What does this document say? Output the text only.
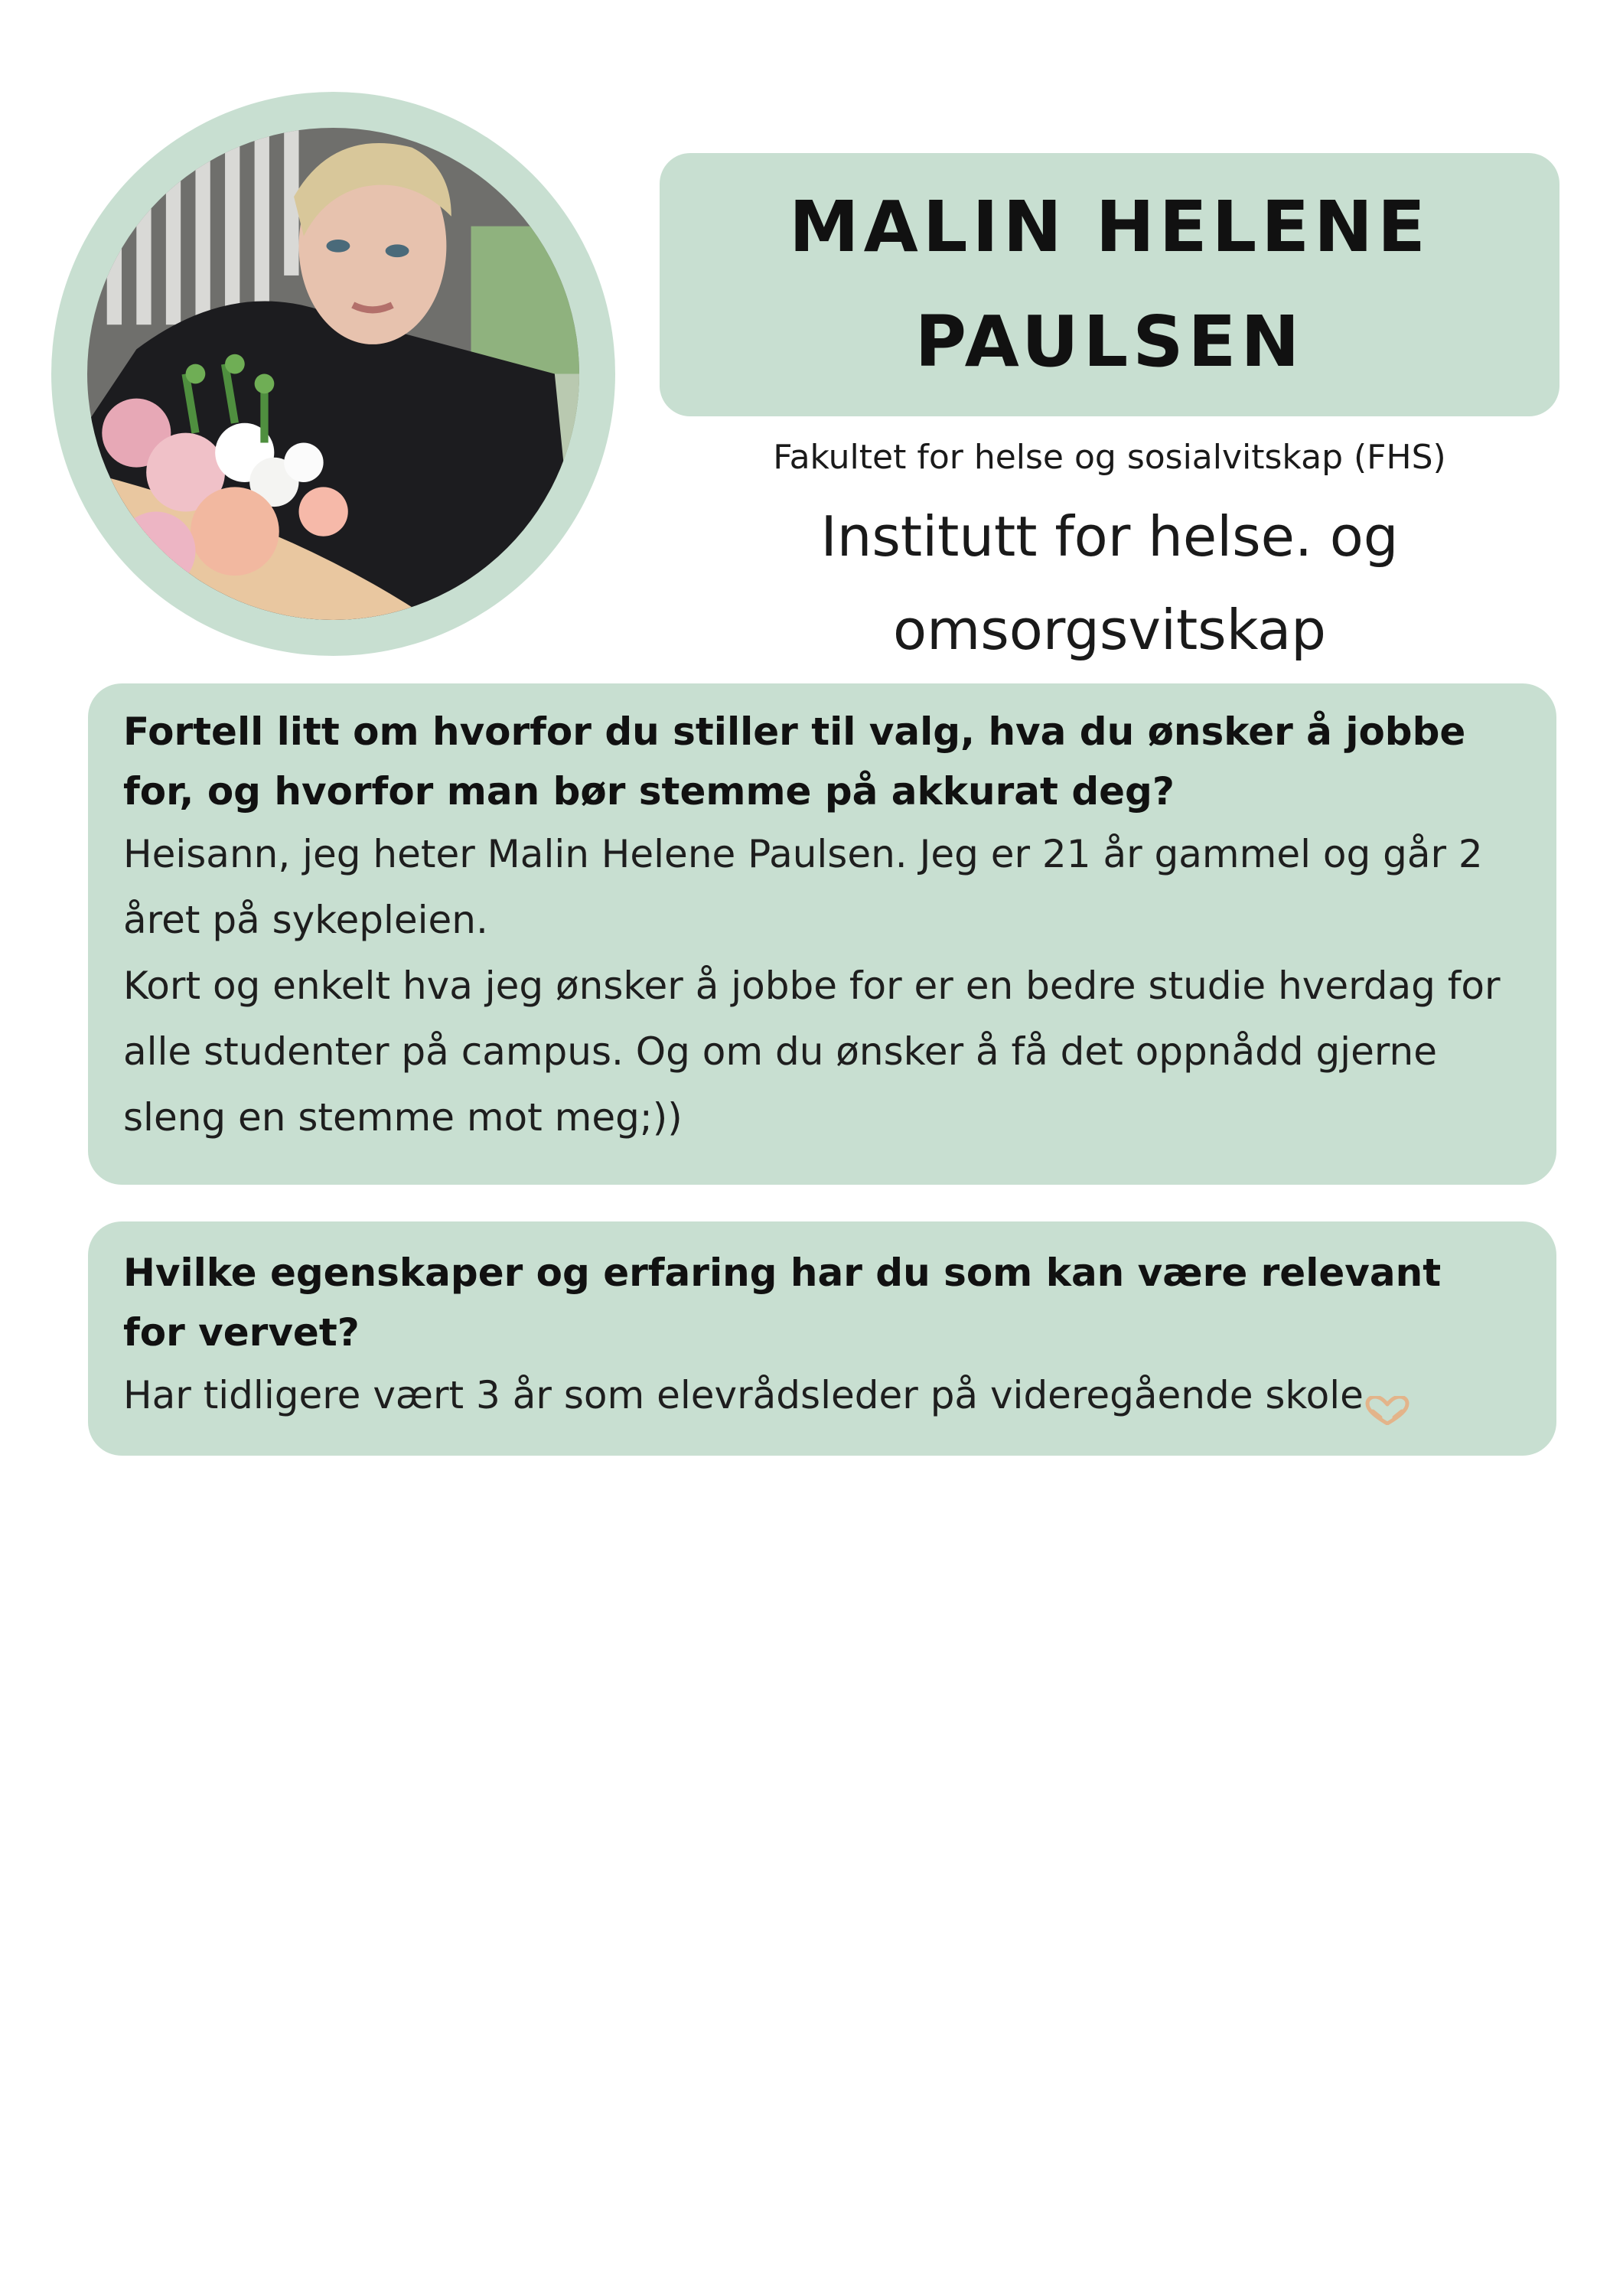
MALIN HELENE
PAULSEN
Fakultet for helse og sosialvitskap (FHS)
Institutt for helse. og
omsorgsvitskap

Fortell litt om hvorfor du stiller til valg, hva du ønsker å jobbe for, og hvorfor man bør stemme på akkurat deg?

Heisann, jeg heter Malin Helene Paulsen. Jeg er 21 år gammel og går 2 året på sykepleien.

Kort og enkelt hva jeg ønsker å jobbe for er en bedre studie hverdag for alle studenter på campus. Og om du ønsker å få det oppnådd gjerne sleng en stemme mot meg;))

Hvilke egenskaper og erfaring har du som kan være relevant for vervet?

Har tidligere vært 3 år som elevrådsleder på videregående skole
